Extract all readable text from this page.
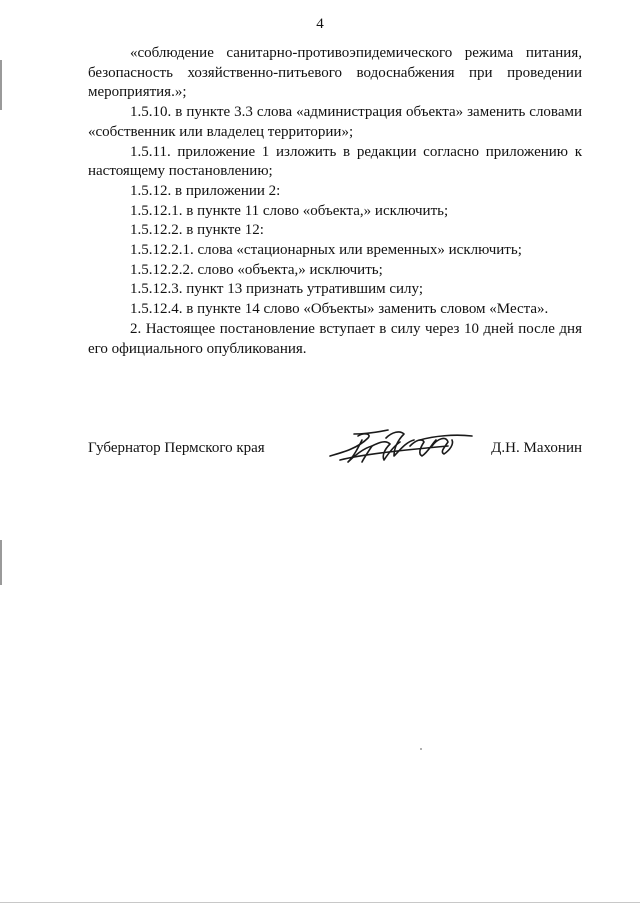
4

«соблюдение санитарно-противоэпидемического режима питания, безопасность хозяйственно-питьевого водоснабжения при проведении мероприятия.»;

1.5.10. в пункте 3.3 слова «администрация объекта» заменить словами «собственник или владелец территории»;

1.5.11. приложение 1 изложить в редакции согласно приложению к настоящему постановлению;

1.5.12. в приложении 2:

1.5.12.1. в пункте 11 слово «объекта,» исключить;

1.5.12.2. в пункте 12:

1.5.12.2.1. слова «стационарных или временных» исключить;

1.5.12.2.2. слово «объекта,» исключить;

1.5.12.3. пункт 13 признать утратившим силу;

1.5.12.4. в пункте 14 слово «Объекты» заменить словом «Места».

2. Настоящее постановление вступает в силу через 10 дней после дня его официального опубликования.

Губернатор Пермского края	Д.Н. Махонин
